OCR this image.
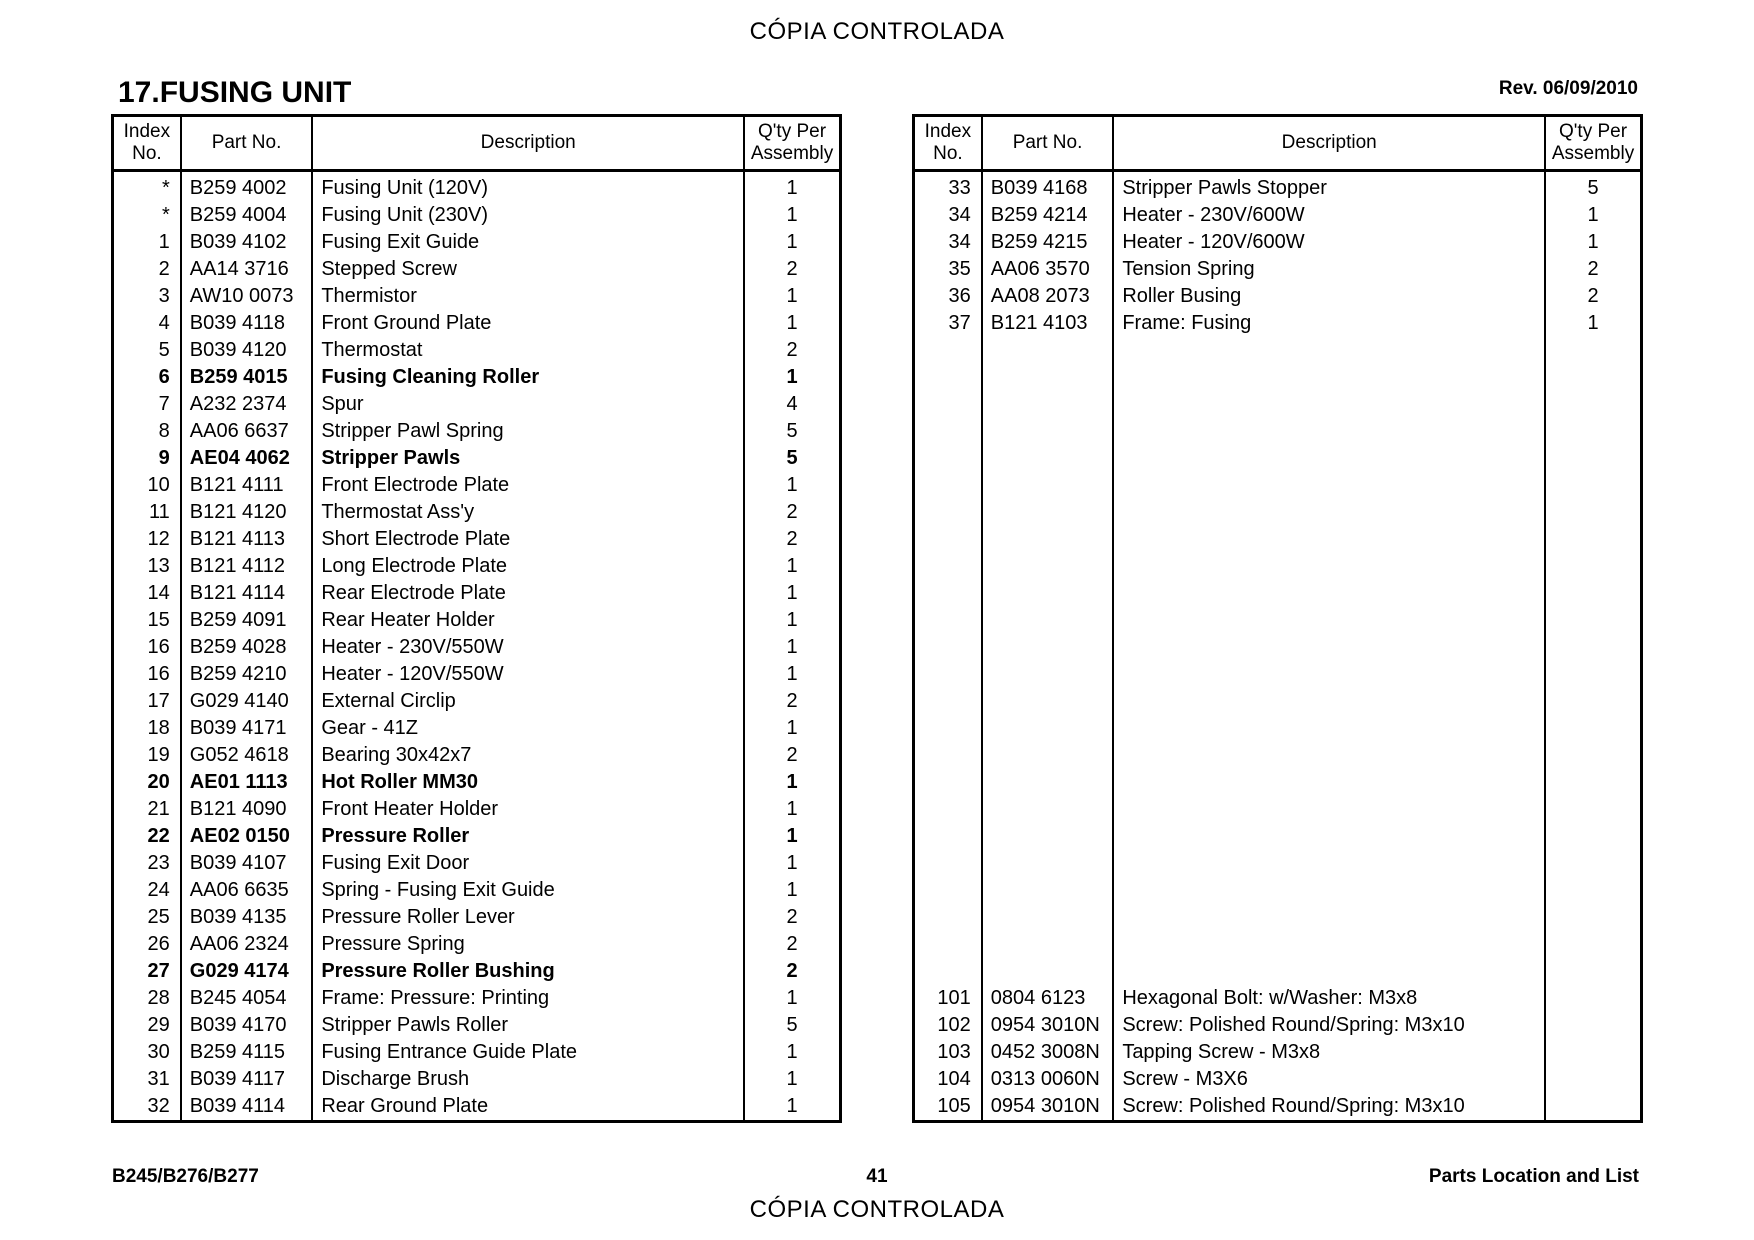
CÓPIA CONTROLADA
17.FUSING UNIT	Rev. 06/09/2010
Index
No.	Part No.	Description	Q'ty Per
Assembly
*	B259 4002	Fusing Unit (120V)	1
*	B259 4004	Fusing Unit (230V)	1
1	B039 4102	Fusing Exit Guide	1
2	AA14 3716	Stepped Screw	2
3	AW10 0073	Thermistor	1
4	B039 4118	Front Ground Plate	1
5	B039 4120	Thermostat	2
6	B259 4015	Fusing Cleaning Roller	1
7	A232 2374	Spur	4
8	AA06 6637	Stripper Pawl Spring	5
9	AE04 4062	Stripper Pawls	5
10	B121 4111	Front Electrode Plate	1
11	B121 4120	Thermostat Ass'y	2
12	B121 4113	Short Electrode Plate	2
13	B121 4112	Long Electrode Plate	1
14	B121 4114	Rear Electrode Plate	1
15	B259 4091	Rear Heater Holder	1
16	B259 4028	Heater - 230V/550W	1
16	B259 4210	Heater - 120V/550W	1
17	G029 4140	External Circlip	2
18	B039 4171	Gear - 41Z	1
19	G052 4618	Bearing 30x42x7	2
20	AE01 1113	Hot Roller MM30	1
21	B121 4090	Front Heater Holder	1
22	AE02 0150	Pressure Roller	1
23	B039 4107	Fusing Exit Door	1
24	AA06 6635	Spring - Fusing Exit Guide	1
25	B039 4135	Pressure Roller Lever	2
26	AA06 2324	Pressure Spring	2
27	G029 4174	Pressure Roller Bushing	2
28	B245 4054	Frame: Pressure: Printing	1
29	B039 4170	Stripper Pawls Roller	5
30	B259 4115	Fusing Entrance Guide Plate	1
31	B039 4117	Discharge Brush	1
32	B039 4114	Rear Ground Plate	1
Index
No.	Part No.	Description	Q'ty Per
Assembly
33	B039 4168	Stripper Pawls Stopper	5
34	B259 4214	Heater - 230V/600W	1
34	B259 4215	Heater - 120V/600W	1
35	AA06 3570	Tension Spring	2
36	AA08 2073	Roller Busing	2
37	B121 4103	Frame: Fusing	1

101	0804 6123	Hexagonal Bolt: w/Washer: M3x8	
102	0954 3010N	Screw: Polished Round/Spring: M3x10	
103	0452 3008N	Tapping Screw - M3x8	
104	0313 0060N	Screw - M3X6	
105	0954 3010N	Screw: Polished Round/Spring: M3x10	
B245/B276/B277	41	Parts Location and List
CÓPIA CONTROLADA
